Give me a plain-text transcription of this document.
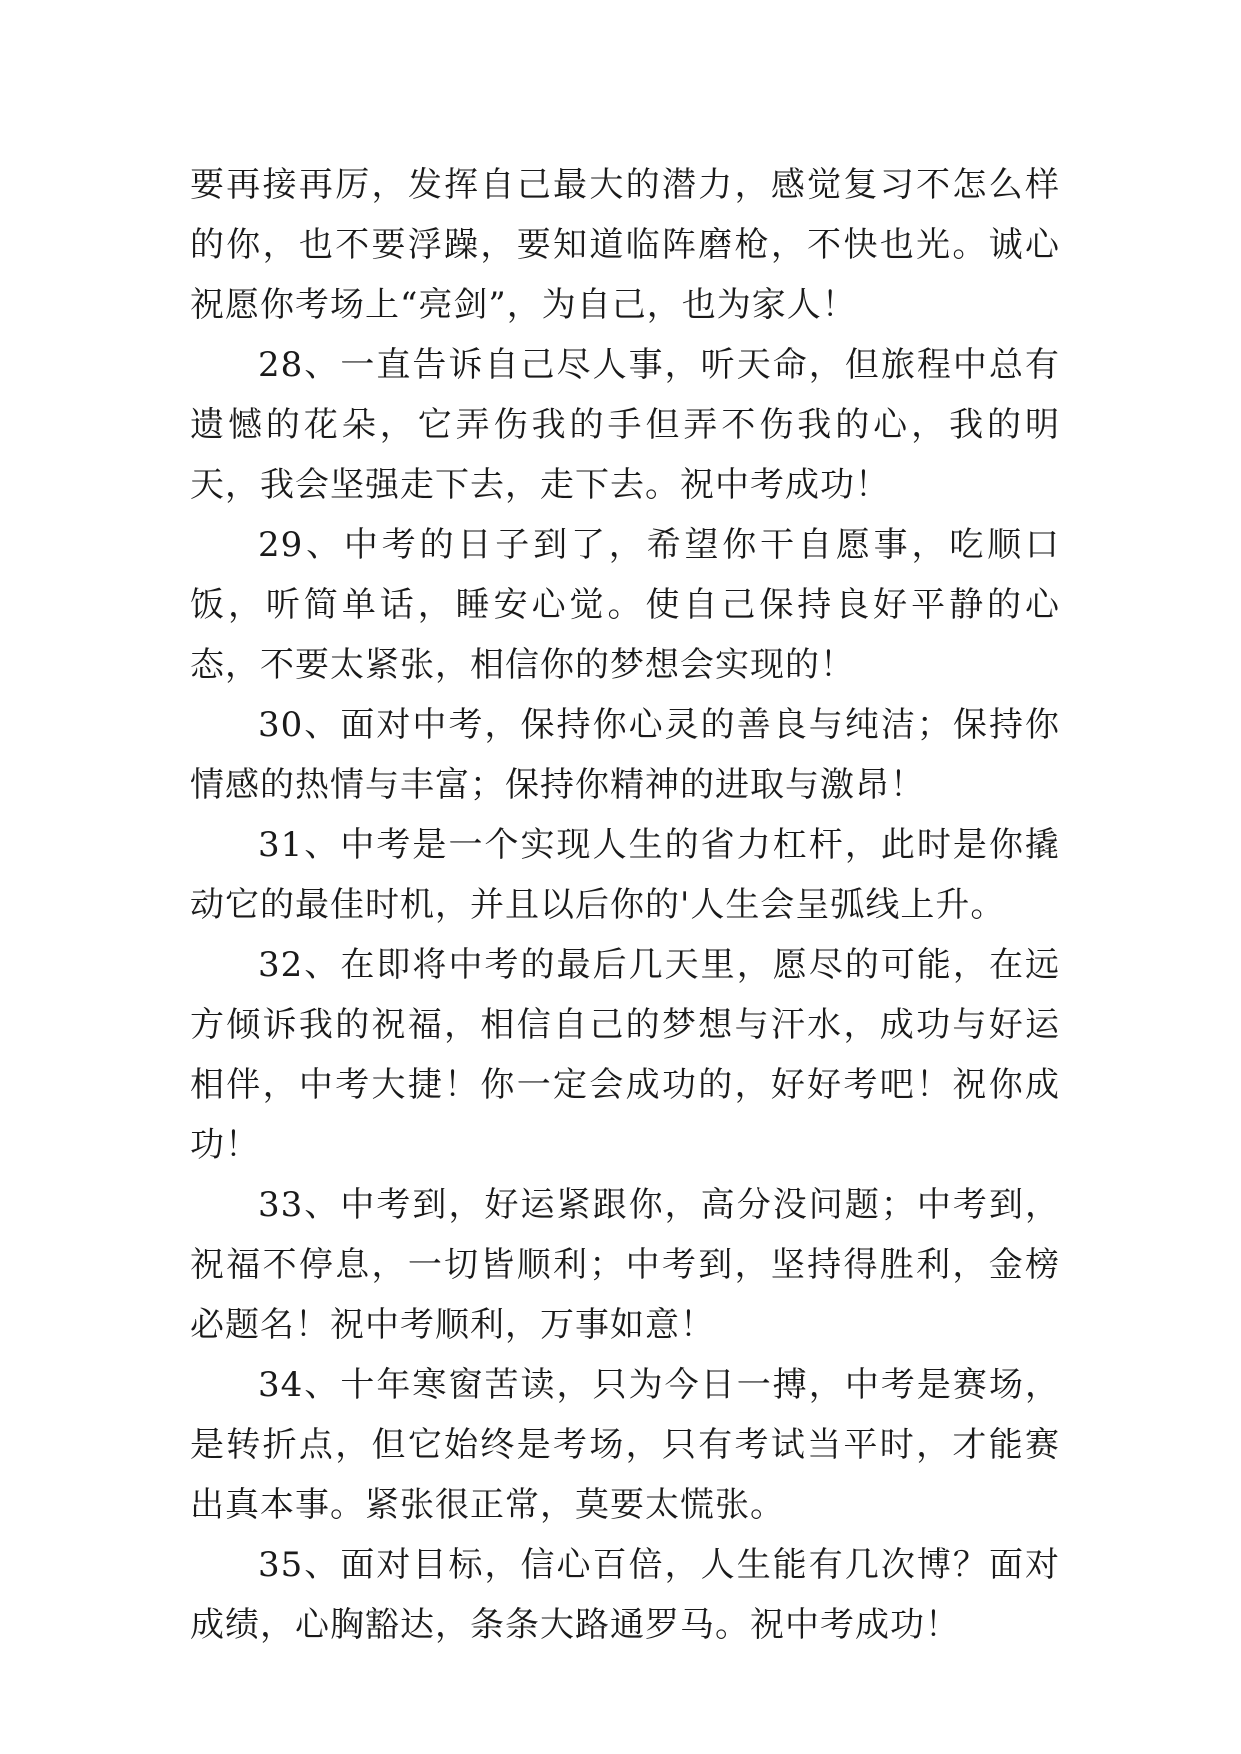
要再接再厉，发挥自己最大的潜力，感觉复习不怎么样的你，也不要浮躁，要知道临阵磨枪，不快也光。诚心祝愿你考场上“亮剑”，为自己，也为家人！

28、一直告诉自己尽人事，听天命，但旅程中总有遗憾的花朵，它弄伤我的手但弄不伤我的心，我的明天，我会坚强走下去，走下去。祝中考成功！

29、中考的日子到了，希望你干自愿事，吃顺口饭，听简单话，睡安心觉。使自己保持良好平静的心态，不要太紧张，相信你的梦想会实现的！

30、面对中考，保持你心灵的善良与纯洁；保持你情感的热情与丰富；保持你精神的进取与激昂！

31、中考是一个实现人生的省力杠杆，此时是你撬动它的最佳时机，并且以后你的'人生会呈弧线上升。

32、在即将中考的最后几天里，愿尽的可能，在远方倾诉我的祝福，相信自己的梦想与汗水，成功与好运相伴，中考大捷！你一定会成功的，好好考吧！祝你成功！

33、中考到，好运紧跟你，高分没问题；中考到，祝福不停息，一切皆顺利；中考到，坚持得胜利，金榜必题名！祝中考顺利，万事如意！

34、十年寒窗苦读，只为今日一搏，中考是赛场，是转折点，但它始终是考场，只有考试当平时，才能赛出真本事。紧张很正常，莫要太慌张。

35、面对目标，信心百倍，人生能有几次博？面对成绩，心胸豁达，条条大路通罗马。祝中考成功！
